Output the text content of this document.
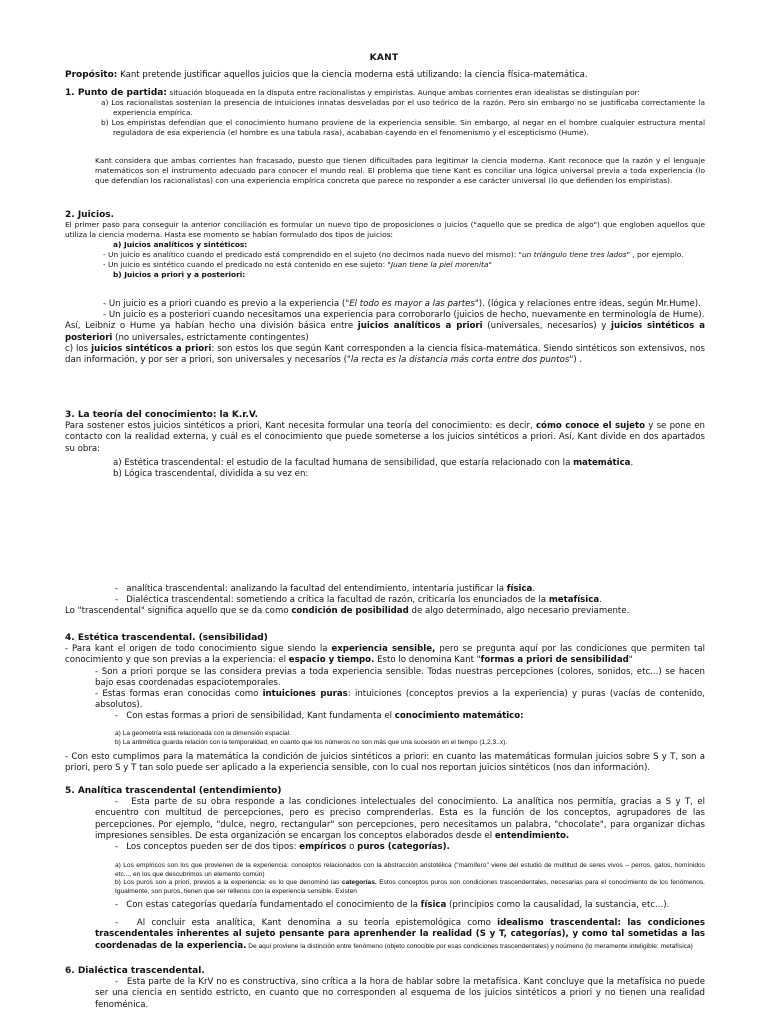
KANT

Propósito: Kant pretende justificar aquellos juicios que la ciencia moderna está utilizando: la ciencia física-matemática.

1. Punto de partida: situación bloqueada en la disputa entre racionalistas y empiristas. Aunque ambas corrientes eran idealistas se distinguían por:

a) Los racionalistas sostenían la presencia de intuiciones innatas desveladas por el uso teórico de la razón. Pero sin embargo no se justificaba correctamente la experiencia empírica.

b) Los empiristas defendían que el conocimiento humano proviene de la experiencia sensible. Sin embargo, al negar en el hombre cualquier estructura mental reguladora de esa experiencia (el hombre es una tabula rasa), acababan cayendo en el fenomenismo y el escepticismo (Hume).

Kant considera que ambas corrientes han fracasado, puesto que tienen dificultades para legitimar la ciencia moderna. Kant reconoce que la razón y el lenguaje matemáticos son el instrumento adecuado para conocer el mundo real. El problema que tiene Kant es conciliar una lógica universal previa a toda experiencia (lo que defendían los racionalistas) con una experiencia empírica concreta que parece no responder a ese carácter universal (lo que defienden los empiristas).

2. Juicios.

El primer paso para conseguir la anterior conciliación es formular un nuevo tipo de proposiciones o juicios ("aquello que se predica de algo") que engloben aquellos que utiliza la ciencia moderna. Hasta ese momento se habían formulado dos tipos de juicios:

a) Juicios analíticos y sintéticos:

- Un juicio es analítico cuando el predicado está comprendido en el sujeto (no decimos nada nuevo del mismo): "un triángulo tiene tres lados" , por ejemplo.

- Un juicio es sintético cuando el predicado no está contenido en ese sujeto: "Juan tiene la piel morenita"

b) Juicios a priori y a posteriori:

- Un juicio es a priori cuando es previo a la experiencia ("El todo es mayor a las partes"). (lógica y relaciones entre ideas, según Mr.Hume).

- Un juicio es a posteriori cuando necesitamos una experiencia para corroborarlo (juicios de hecho, nuevamente en terminología de Hume).

Así, Leibniz o Hume ya habían hecho una división básica entre juicios analíticos a priori (universales, necesarios) y juicios sintéticos a posteriori (no universales, estrictamente contingentes)

c) los juicios sintéticos a priori: son estos los que según Kant corresponden a la ciencia física-matemática. Siendo sintéticos son extensivos, nos dan información, y por ser a priori, son universales y necesarios ("la recta es la distancia más corta entre dos puntos") .

3. La teoría del conocimiento: la K.r.V.

Para sostener estos juicios sintéticos a priori, Kant necesita formular una teoría del conocimiento: es decir, cómo conoce el sujeto y se pone en contacto con la realidad externa, y cuál es el conocimiento que puede someterse a los juicios sintéticos a priori. Así, Kant divide en dos apartados su obra:

a) Estética trascendental: el estudio de la facultad humana de sensibilidad, que estaría relacionado con la matemática.

b) Lógica trascendental, dividida a su vez en:

-   analítica trascendental: analizando la facultad del entendimiento, intentaría justificar la física.

-   Dialéctica trascendental: sometiendo a crítica la facultad de razón, criticaría los enunciados de la metafísica.

Lo "trascendental" significa aquello que se da como condición de posibilidad de algo determinado, algo necesario previamente.

4. Estética trascendental. (sensibilidad)

- Para kant el origen de todo conocimiento sigue siendo la experiencia sensible, pero se pregunta aquí por las condiciones que permiten tal conocimiento y que son previas a la experiencia: el espacio y tiempo. Esto lo denomina Kant "formas a priori de sensibilidad"

- Son a priori porque se las considera previas a toda experiencia sensible. Todas nuestras percepciones (colores, sonidos, etc...) se hacen bajo esas coordenadas espaciotemporales.

- Estas formas eran conocidas como intuiciones puras: intuiciones (conceptos previos a la experiencia) y puras (vacías de contenido, absolutos).

-   Con estas formas a priori de sensibilidad, Kant fundamenta el conocimiento matemático:

a) La geometría está relacionada con la dimensión espacial.

b) La aritmética guarda relación con la temporalidad, en cuanto que los números no son más que una sucesión en el tiempo (1,2,3..x).

- Con esto cumplimos para la matemática la condición de juicios sintéticos a priori: en cuanto las matemáticas formulan juicios sobre S y T, son a priori, pero S y T tan solo puede ser aplicado a la experiencia sensible, con lo cual nos reportan juicios sintéticos (nos dan información).

5. Analítica trascendental (entendimiento)

-   Esta parte de su obra responde a las condiciones intelectuales del conocimiento. La analítica nos permitía, gracias a S y T, el encuentro con multitud de percepciones, pero es preciso comprenderlas. Esta es la función de los conceptos, agrupadores de las percepciones. Por ejemplo, "dulce, negro, rectangular" son percepciones, pero necesitamos un palabra, "chocolate", para organizar dichas impresiones sensibles. De esta organización se encargan los conceptos elaborados desde el entendimiento.

-   Los conceptos pueden ser de dos tipos: empíricos o puros (categorías).

a) Los empíricos son los que provienen de la experiencia: conceptos relacionados con la abstracción aristotélica ("mamífero" viene del estudio de multitud de seres vivos – perros, gatos, homínidos etc..., en los que descubrimos un elemento común)

b) Los puros son a priori, previos a la experiencia: es lo que denominó las categorías. Estos conceptos puros son condiciones trascendentales, necesarias para el conocimiento de los fenómenos. Igualmente, son puros, tienen que ser rellenos con la experiencia sensible. Existen

-   Con estas categorías quedaría fundamentado el conocimiento de la física (principios como la causalidad, la sustancia, etc...).

-   Al concluir esta analítica, Kant denomina a su teoría epistemológica como idealismo trascendental: las condiciones trascendentales inherentes al sujeto pensante para aprenhender la realidad (S y T, categorías), y como tal sometidas a las coordenadas de la experiencia. De aquí proviene la distinción entre fenómeno (objeto conocible por esas condiciones trascendentales) y noúmeno (lo meramente inteligible: metafísica)

6. Dialéctica trascendental.

-   Esta parte de la KrV no es constructiva, sino crítica a la hora de hablar sobre la metafísica. Kant concluye que la metafísica no puede ser una ciencia en sentido estricto, en cuanto que no corresponden al esquema de los juicios sintéticos a priori y no tienen una realidad fenoménica.
